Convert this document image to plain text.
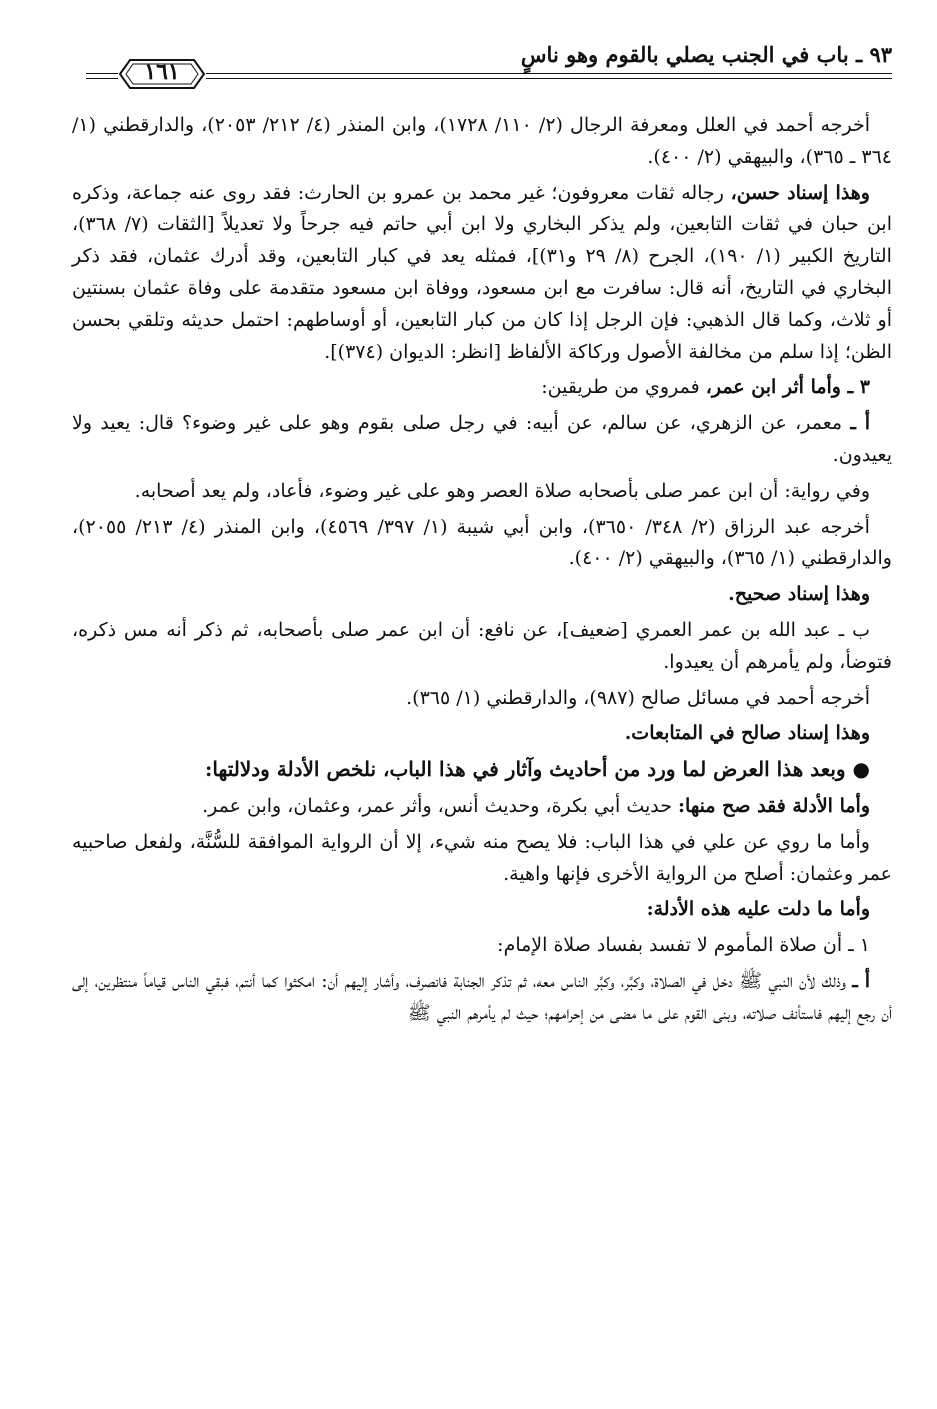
٩٣ ـ باب في الجنب يصلي بالقوم وهو ناسٍ
١٦١

أخرجه أحمد في العلل ومعرفة الرجال (٢/ ١١٠/ ١٧٢٨)، وابن المنذر (٤/ ٢١٢/ ٢٠٥٣)، والدارقطني (١/ ٣٦٤ ـ ٣٦٥)، والبيهقي (٢/ ٤٠٠).

وهذا إسناد حسن، رجاله ثقات معروفون؛ غير محمد بن عمرو بن الحارث: فقد روى عنه جماعة، وذكره ابن حبان في ثقات التابعين، ولم يذكر البخاري ولا ابن أبي حاتم فيه جرحاً ولا تعديلاً [الثقات (٧/ ٣٦٨)، التاريخ الكبير (١/ ١٩٠)، الجرح (٨/ ٢٩ و٣١)]، فمثله يعد في كبار التابعين، وقد أدرك عثمان، فقد ذكر البخاري في التاريخ، أنه قال: سافرت مع ابن مسعود، ووفاة ابن مسعود متقدمة على وفاة عثمان بسنتين أو ثلاث، وكما قال الذهبي: فإن الرجل إذا كان من كبار التابعين، أو أوساطهم: احتمل حديثه وتلقي بحسن الظن؛ إذا سلم من مخالفة الأصول وركاكة الألفاظ [انظر: الديوان (٣٧٤)].

٣ ـ وأما أثر ابن عمر، فمروي من طريقين:

أ ـ معمر، عن الزهري، عن سالم، عن أبيه: في رجل صلى بقوم وهو على غير وضوء؟ قال: يعيد ولا يعيدون.

وفي رواية: أن ابن عمر صلى بأصحابه صلاة العصر وهو على غير وضوء، فأعاد، ولم يعد أصحابه.

أخرجه عبد الرزاق (٢/ ٣٤٨/ ٣٦٥٠)، وابن أبي شيبة (١/ ٣٩٧/ ٤٥٦٩)، وابن المنذر (٤/ ٢١٣/ ٢٠٥٥)، والدارقطني (١/ ٣٦٥)، والبيهقي (٢/ ٤٠٠).

وهذا إسناد صحيح.

ب ـ عبد الله بن عمر العمري [ضعيف]، عن نافع: أن ابن عمر صلى بأصحابه، ثم ذكر أنه مس ذكره، فتوضأ، ولم يأمرهم أن يعيدوا.

أخرجه أحمد في مسائل صالح (٩٨٧)، والدارقطني (١/ ٣٦٥).

وهذا إسناد صالح في المتابعات.

● وبعد هذا العرض لما ورد من أحاديث وآثار في هذا الباب، نلخص الأدلة ودلالتها:

وأما الأدلة فقد صح منها: حديث أبي بكرة، وحديث أنس، وأثر عمر، وعثمان، وابن عمر.

وأما ما روي عن علي في هذا الباب: فلا يصح منه شيء، إلا أن الرواية الموافقة للسُّنَّة، ولفعل صاحبيه عمر وعثمان: أصلح من الرواية الأخرى فإنها واهية.

وأما ما دلت عليه هذه الأدلة:

١ ـ أن صلاة المأموم لا تفسد بفساد صلاة الإمام:

أ ـ وذلك لأن النبي ﷺ دخل في الصلاة، وكبَّر، وكبَّر الناس معه، ثم تذكر الجنابة فانصرف، وأشار إليهم أن: امكثوا كما أنتم، فبقي الناس قياماً منتظرين، إلى أن رجع إليهم فاستأنف صلاته، وبنى القوم على ما مضى من إحرامهم؛ حيث لم يأمرهم النبي ﷺ
